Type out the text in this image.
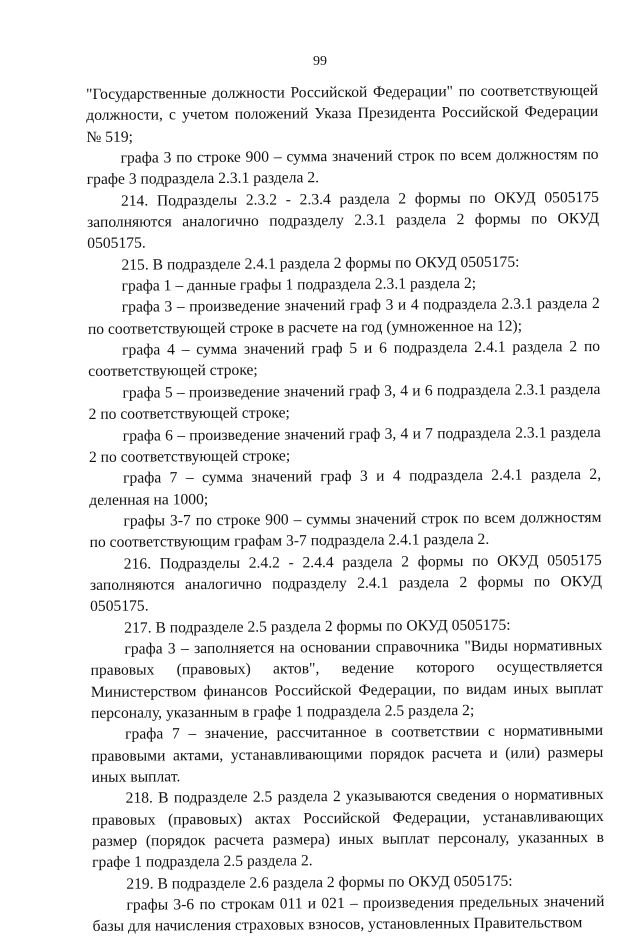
99

"Государственные должности Российской Федерации" по соответствующей должности, с учетом положений Указа Президента Российской Федерации № 519;

графа 3 по строке 900 – сумма значений строк по всем должностям по графе 3 подраздела 2.3.1 раздела 2.

214. Подразделы 2.3.2 - 2.3.4 раздела 2 формы по ОКУД 0505175 заполняются аналогично подразделу 2.3.1 раздела 2 формы по ОКУД 0505175.

215. В подразделе 2.4.1 раздела 2 формы по ОКУД 0505175:

графа 1 – данные графы 1 подраздела 2.3.1 раздела 2;

графа 3 – произведение значений граф 3 и 4 подраздела 2.3.1 раздела 2 по соответствующей строке в расчете на год (умноженное на 12);

графа 4 – сумма значений граф 5 и 6 подраздела 2.4.1 раздела 2 по соответствующей строке;

графа 5 – произведение значений граф 3, 4 и 6 подраздела 2.3.1 раздела 2 по соответствующей строке;

графа 6 – произведение значений граф 3, 4 и 7 подраздела 2.3.1 раздела 2 по соответствующей строке;

графа 7 – сумма значений граф 3 и 4 подраздела 2.4.1 раздела 2, деленная на 1000;

графы 3-7 по строке 900 – суммы значений строк по всем должностям по соответствующим графам 3-7 подраздела 2.4.1 раздела 2.

216. Подразделы 2.4.2 - 2.4.4 раздела 2 формы по ОКУД 0505175 заполняются аналогично подразделу 2.4.1 раздела 2 формы по ОКУД 0505175.

217. В подразделе 2.5 раздела 2 формы по ОКУД 0505175:

графа 3 – заполняется на основании справочника "Виды нормативных правовых (правовых) актов", ведение которого осуществляется Министерством финансов Российской Федерации, по видам иных выплат персоналу, указанным в графе 1 подраздела 2.5 раздела 2;

графа 7 – значение, рассчитанное в соответствии с нормативными правовыми актами, устанавливающими порядок расчета и (или) размеры иных выплат.

218. В подразделе 2.5 раздела 2 указываются сведения о нормативных правовых (правовых) актах Российской Федерации, устанавливающих размер (порядок расчета размера) иных выплат персоналу, указанных в графе 1 подраздела 2.5 раздела 2.

219. В подразделе 2.6 раздела 2 формы по ОКУД 0505175:

графы 3-6 по строкам 011 и 021 – произведения предельных значений базы для начисления страховых взносов, установленных Правительством
